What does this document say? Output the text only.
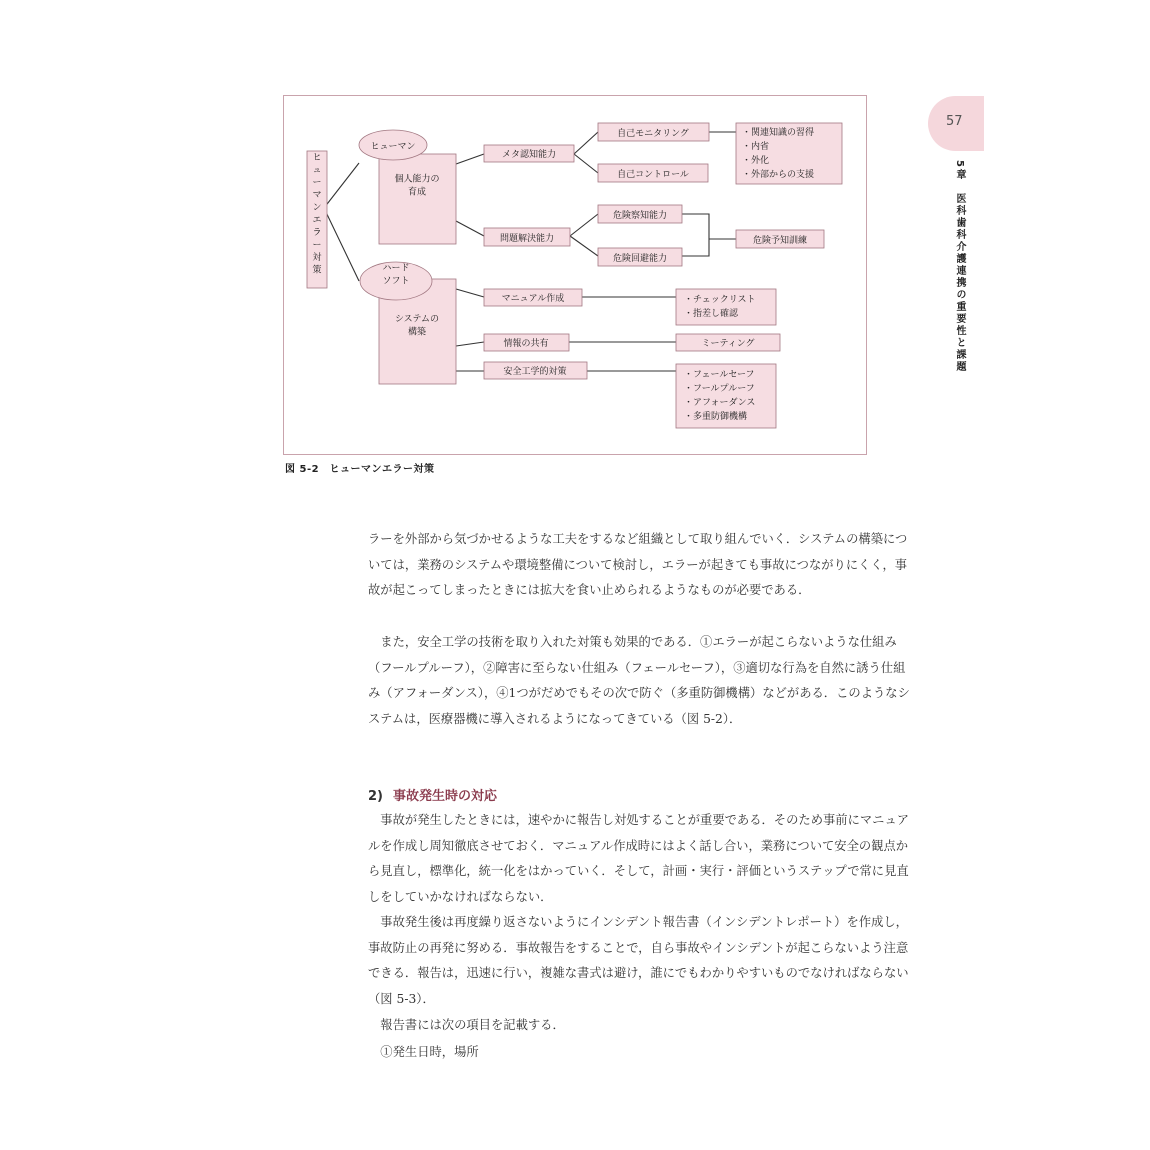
ヒューマンエラー対策
個人能力の育成
ヒューマン
メタ認知能力
自己モニタリング
自己コントロール
・関連知識の習得・内省・外化・外部からの支援
問題解決能力
危険察知能力
危険回避能力
危険予知訓練
システムの構築
ハードソフト
マニュアル作成	・チェックリスト・指差し確認
情報の共有	ミーティング
安全工学的対策	・フェールセーフ・フールプルーフ・アフォーダンス・多重防御機構
図 5-2　ヒューマンエラー対策
57
5章　医科歯科介護連携の重要性と課題
ラーを外部から気づかせるような工夫をするなど組織として取り組んでいく．システムの構築については，業務のシステムや環境整備について検討し，エラーが起きても事故につながりにくく，事故が起こってしまったときには拡大を食い止められるようなものが必要である．
　また，安全工学の技術を取り入れた対策も効果的である．①エラーが起こらないような仕組み（フールプルーフ），②障害に至らない仕組み（フェールセーフ），③適切な行為を自然に誘う仕組み（アフォーダンス），④1つがだめでもその次で防ぐ（多重防御機構）などがある．このようなシステムは，医療器機に導入されるようになってきている（図 5-2）．
2) 事故発生時の対応
　事故が発生したときには，速やかに報告し対処することが重要である．そのため事前にマニュアルを作成し周知徹底させておく．マニュアル作成時にはよく話し合い，業務について安全の観点から見直し，標準化，統一化をはかっていく．そして，計画・実行・評価というステップで常に見直しをしていかなければならない．
　事故発生後は再度繰り返さないようにインシデント報告書（インシデントレポート）を作成し，事故防止の再発に努める．事故報告をすることで，自ら事故やインシデントが起こらないよう注意できる．報告は，迅速に行い，複雑な書式は避け，誰にでもわかりやすいものでなければならない（図 5-3）．
　報告書には次の項目を記載する．
　①発生日時，場所
